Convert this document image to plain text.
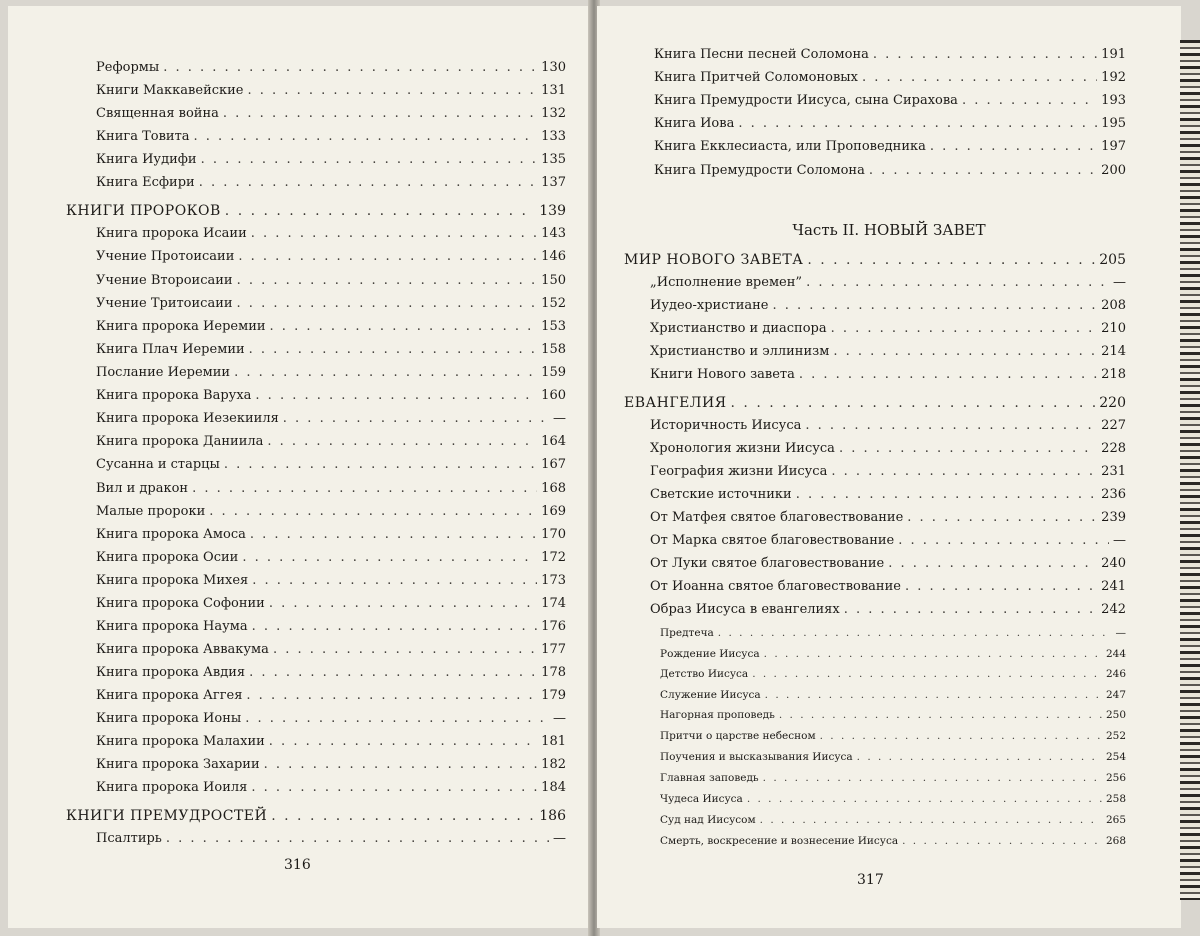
Реформы . . .	130
Книги Маккавейские . . .	131
Священная война . . .	132
Книга Товита . . .	133
Книга Иудифи . . .	135
Книга Есфири . . .	137
КНИГИ ПРОРОКОВ . . .	139
Книга пророка Исаии . . .	143
Учение Протоисаии . . .	146
Учение Второисаии . . .	150
Учение Тритоисаии . . .	152
Книга пророка Иеремии . . .	153
Книга Плач Иеремии . . .	158
Послание Иеремии . . .	159
Книга пророка Варуха . . .	160
Книга пророка Иезекииля . . .	—
Книга пророка Даниила . . .	164
Сусанна и старцы . . .	167
Вил и дракон . . .	168
Малые пророки . . .	169
Книга пророка Амоса . . .	170
Книга пророка Осии . . .	172
Книга пророка Михея . . .	173
Книга пророка Софонии . . .	174
Книга пророка Наума . . .	176
Книга пророка Аввакума . . .	177
Книга пророка Авдия . . .	178
Книга пророка Аггея . . .	179
Книга пророка Ионы . . .	—
Книга пророка Малахии . . .	181
Книга пророка Захарии . . .	182
Книга пророка Иоиля . . .	184
КНИГИ ПРЕМУДРОСТЕЙ . . .	186
Псалтирь . . .	—
316
Часть II. НОВЫЙ ЗАВЕТ
Книга Песни песней Соломона . . .	191
Книга Притчей Соломоновых . . .	192
Книга Премудрости Иисуса, сына Сирахова . . .	193
Книга Иова . . .	195
Книга Екклесиаста, или Проповедника . . .	197
Книга Премудрости Соломона . . .	200
МИР НОВОГО ЗАВЕТА . . .	205
„Исполнение времен” . . .	—
Иудео-христиане . . .	208
Христианство и диаспора . . .	210
Христианство и эллинизм . . .	214
Книги Нового завета . . .	218
ЕВАНГЕЛИЯ . . .	220
Историчность Иисуса . . .	227
Хронология жизни Иисуса . . .	228
География жизни Иисуса . . .	231
Светские источники . . .	236
От Матфея святое благовествование . . .	239
От Марка святое благовествование . . .	—
От Луки святое благовествование . . .	240
От Иоанна святое благовествование . . .	241
Образ Иисуса в евангелиях . . .	242
Предтеча . . .	—
Рождение Иисуса . . .	244
Детство Иисуса . . .	246
Служение Иисуса . . .	247
Нагорная проповедь . . .	250
Притчи о царстве небесном . . .	252
Поучения и высказывания Иисуса . . .	254
Главная заповедь . . .	256
Чудеса Иисуса . . .	258
Суд над Иисусом . . .	265
Смерть, воскресение и вознесение Иисуса . . .	268
317
